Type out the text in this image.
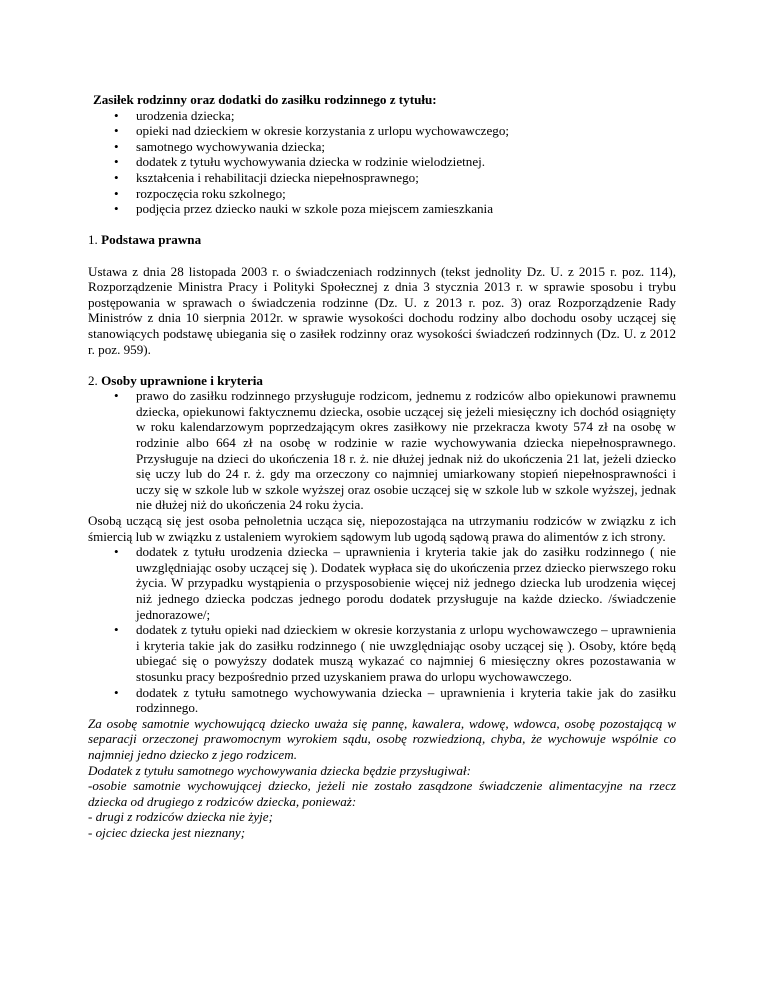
Zasiłek rodzinny oraz dodatki do zasiłku rodzinnego z tytułu:
• urodzenia dziecka;
• opieki nad dzieckiem w okresie korzystania z urlopu wychowawczego;
• samotnego wychowywania dziecka;
• dodatek z tytułu wychowywania dziecka w rodzinie wielodzietnej.
• kształcenia i rehabilitacji dziecka niepełnosprawnego;
• rozpoczęcia roku szkolnego;
• podjęcia przez dziecko nauki w szkole poza miejscem zamieszkania
1. Podstawa prawna

Ustawa z dnia 28 listopada 2003 r. o świadczeniach rodzinnych (tekst jednolity Dz. U. z 2015 r. poz. 114), Rozporządzenie Ministra Pracy i Polityki Społecznej z dnia 3 stycznia 2013 r. w sprawie sposobu i trybu postępowania w sprawach o świadczenia rodzinne (Dz. U. z 2013 r. poz. 3) oraz Rozporządzenie Rady Ministrów z dnia 10 sierpnia 2012r. w sprawie wysokości dochodu rodziny albo dochodu osoby uczącej się stanowiących podstawę ubiegania się o zasiłek rodzinny oraz wysokości świadczeń rodzinnych (Dz. U. z 2012 r. poz. 959).

2. Osoby uprawnione i kryteria
• prawo do zasiłku rodzinnego przysługuje rodzicom, jednemu z rodziców albo opiekunowi prawnemu dziecka, opiekunowi faktycznemu dziecka, osobie uczącej się jeżeli miesięczny ich dochód osiągnięty w roku kalendarzowym poprzedzającym okres zasiłkowy nie przekracza kwoty 574 zł na osobę w rodzinie albo 664 zł na osobę w rodzinie w razie wychowywania dziecka niepełnosprawnego. Przysługuje na dzieci do ukończenia 18 r. ż. nie dłużej jednak niż do ukończenia 21 lat, jeżeli dziecko się uczy lub do 24 r. ż. gdy ma orzeczony co najmniej umiarkowany stopień niepełnosprawności i uczy się w szkole lub w szkole wyższej oraz osobie uczącej się w szkole lub w szkole wyższej, jednak nie dłużej niż do ukończenia 24 roku życia.

Osobą uczącą się jest osoba pełnoletnia ucząca się, niepozostająca na utrzymaniu rodziców w związku z ich śmiercią lub w związku z ustaleniem wyrokiem sądowym lub ugodą sądową prawa do alimentów z ich strony.

• dodatek z tytułu urodzenia dziecka – uprawnienia i kryteria takie jak do zasiłku rodzinnego ( nie uwzględniając osoby uczącej się ). Dodatek wypłaca się do ukończenia przez dziecko pierwszego roku życia. W przypadku wystąpienia o przysposobienie więcej niż jednego dziecka lub urodzenia więcej niż jednego dziecka podczas jednego porodu dodatek przysługuje na każde dziecko. /świadczenie jednorazowe/;
• dodatek z tytułu opieki nad dzieckiem w okresie korzystania z urlopu wychowawczego – uprawnienia i kryteria takie jak do zasiłku rodzinnego ( nie uwzględniając osoby uczącej się ). Osoby, które będą ubiegać się o powyższy dodatek muszą wykazać co najmniej 6 miesięczny okres pozostawania w stosunku pracy bezpośrednio przed uzyskaniem prawa do urlopu wychowawczego.
• dodatek z tytułu samotnego wychowywania dziecka – uprawnienia i kryteria takie jak do zasiłku rodzinnego.

Za osobę samotnie wychowującą dziecko uważa się pannę, kawalera, wdowę, wdowca, osobę pozostającą w separacji orzeczonej prawomocnym wyrokiem sądu, osobę rozwiedzioną, chyba, że wychowuje wspólnie co najmniej jedno dziecko z jego rodzicem.

Dodatek z tytułu samotnego wychowywania dziecka będzie przysługiwał:

-osobie samotnie wychowującej dziecko, jeżeli nie zostało zasądzone świadczenie alimentacyjne na rzecz dziecka od drugiego z rodziców dziecka, ponieważ:

- drugi z rodziców dziecka nie żyje;

- ojciec dziecka jest nieznany;
